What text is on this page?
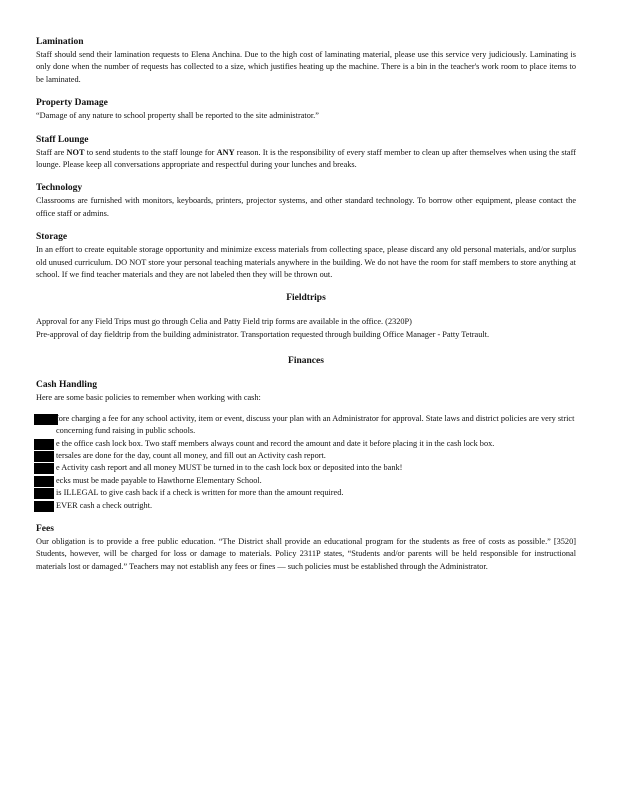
Lamination

Staff should send their lamination requests to Elena Anchina. Due to the high cost of laminating material, please use this service very judiciously. Laminating is only done when the number of requests has collected to a size, which justifies heating up the machine. There is a bin in the teacher's work room to place items to be laminated.

Property Damage

“Damage of any nature to school property shall be reported to the site administrator.”

Staff Lounge

Staff are NOT to send students to the staff lounge for ANY reason. It is the responsibility of every staff member to clean up after themselves when using the staff lounge. Please keep all conversations appropriate and respectful during your lunches and breaks.

Technology

Classrooms are furnished with monitors, keyboards, printers, projector systems, and other standard technology. To borrow other equipment, please contact the office staff or admins.

Storage

In an effort to create equitable storage opportunity and minimize excess materials from collecting space, please discard any old personal materials, and/or surplus old unused curriculum. DO NOT store your personal teaching materials anywhere in the building. We do not have the room for staff members to store anything at school. If we find teacher materials and they are not labeled then they will be thrown out.

Fieldtrips

Approval for any Field Trips must go through Celia and Patty Field trip forms are available in the office. (2320P)

Pre-approval of day fieldtrip from the building administrator. Transportation requested through building Office Manager - Patty Tetrault.

Finances
Cash Handling

Here are some basic policies to remember when working with cash:

fore charging a fee for any school activity, item or event, discuss your plan with an Administrator for approval. State laws and district policies are very strict concerning fund raising in public schools.
e the office cash lock box. Two staff members always count and record the amount and date it before placing it in the cash lock box.
tersales are done for the day, count all money, and fill out an Activity cash report.
e Activity cash report and all money MUST be turned in to the cash lock box or deposited into the bank!
ecks must be made payable to Hawthorne Elementary School.
is ILLEGAL to give cash back if a check is written for more than the amount required.
EVER cash a check outright.
Fees

Our obligation is to provide a free public education. “The District shall provide an educational program for the students as free of costs as possible.” [3520] Students, however, will be charged for loss or damage to materials. Policy 2311P states, “Students and/or parents will be held responsible for instructional materials lost or damaged.” Teachers may not establish any fees or fines — such policies must be established through the Administrator.
